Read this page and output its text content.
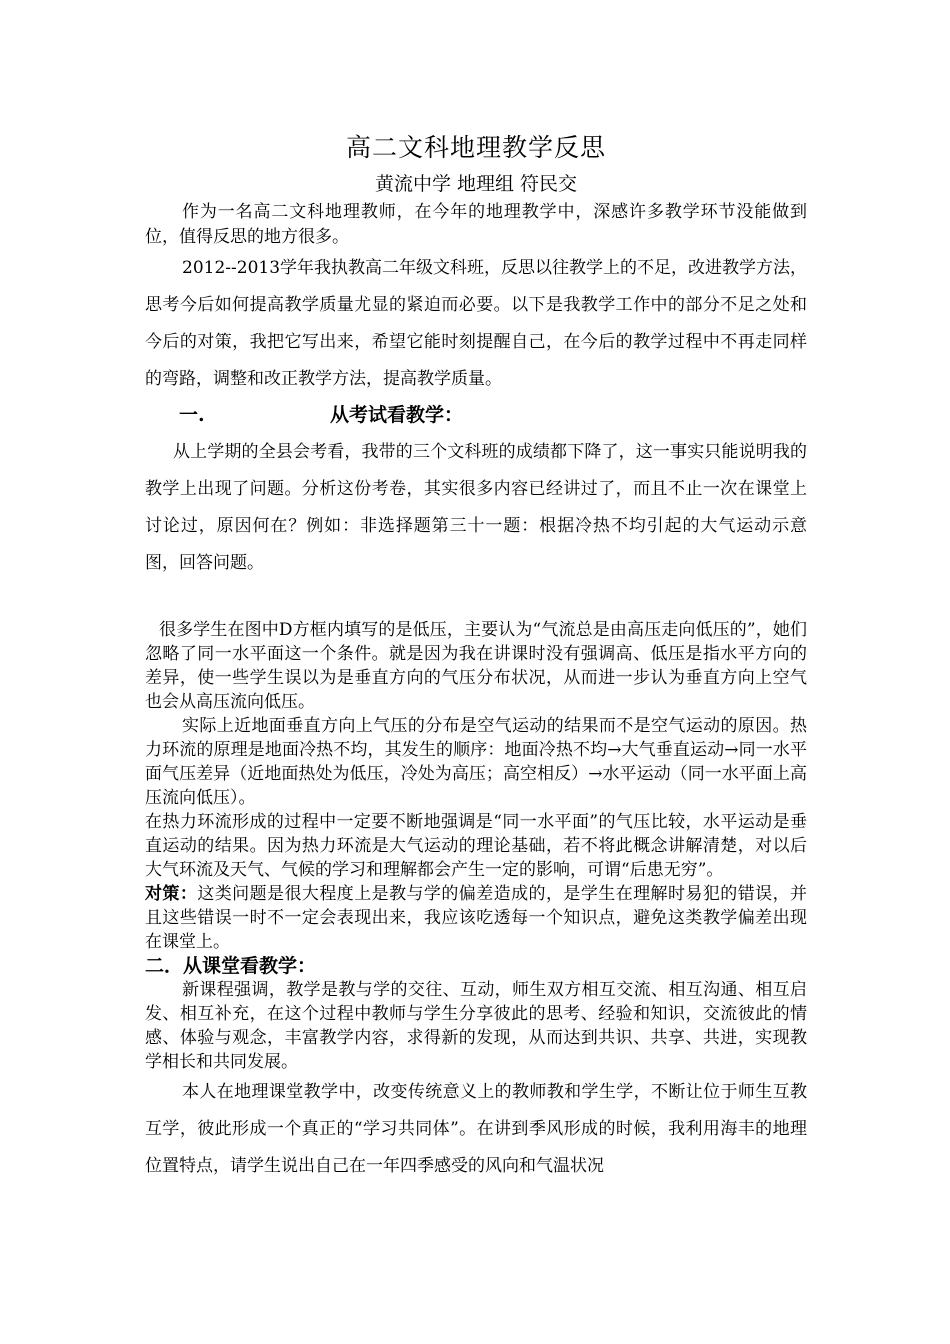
高二文科地理教学反思
黄流中学 地理组 符民交

作为一名高二文科地理教师，在今年的地理教学中，深感许多教学环节没能做到位，值得反思的地方很多。

2012--2013学年我执教高二年级文科班，反思以往教学上的不足，改进教学方法，思考今后如何提高教学质量尤显的紧迫而必要。以下是我教学工作中的部分不足之处和今后的对策，我把它写出来，希望它能时刻提醒自己，在今后的教学过程中不再走同样的弯路，调整和改正教学方法，提高教学质量。

一.	从考试看教学：

从上学期的全县会考看，我带的三个文科班的成绩都下降了，这一事实只能说明我的教学上出现了问题。分析这份考卷，其实很多内容已经讲过了，而且不止一次在课堂上讨论过，原因何在？例如：非选择题第三十一题：根据冷热不均引起的大气运动示意图，回答问题。

很多学生在图中D方框内填写的是低压，主要认为“气流总是由高压走向低压的”，她们忽略了同一水平面这一个条件。就是因为我在讲课时没有强调高、低压是指水平方向的差异，使一些学生误以为是垂直方向的气压分布状况，从而进一步认为垂直方向上空气也会从高压流向低压。

实际上近地面垂直方向上气压的分布是空气运动的结果而不是空气运动的原因。热力环流的原理是地面冷热不均，其发生的顺序：地面冷热不均→大气垂直运动→同一水平面气压差异（近地面热处为低压，冷处为高压；高空相反）→水平运动（同一水平面上高压流向低压）。

在热力环流形成的过程中一定要不断地强调是“同一水平面”的气压比较，水平运动是垂直运动的结果。因为热力环流是大气运动的理论基础，若不将此概念讲解清楚，对以后大气环流及天气、气候的学习和理解都会产生一定的影响，可谓“后患无穷”。

对策：这类问题是很大程度上是教与学的偏差造成的，是学生在理解时易犯的错误，并且这些错误一时不一定会表现出来，我应该吃透每一个知识点，避免这类教学偏差出现在课堂上。

二．从课堂看教学：

新课程强调，教学是教与学的交往、互动，师生双方相互交流、相互沟通、相互启发、相互补充，在这个过程中教师与学生分享彼此的思考、经验和知识，交流彼此的情感、体验与观念，丰富教学内容，求得新的发现，从而达到共识、共享、共进，实现教学相长和共同发展。

本人在地理课堂教学中，改变传统意义上的教师教和学生学，不断让位于师生互教互学，彼此形成一个真正的“学习共同体”。在讲到季风形成的时候，我利用海丰的地理位置特点，请学生说出自己在一年四季感受的风向和气温状况
